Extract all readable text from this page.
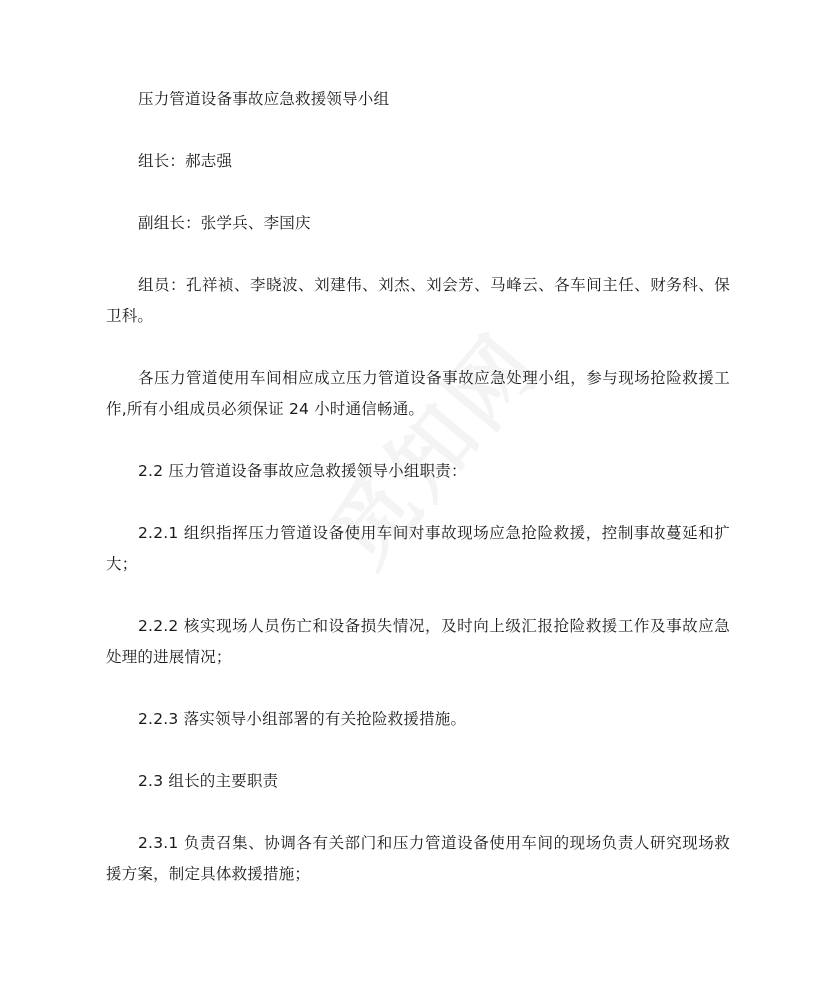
压力管道设备事故应急救援领导小组

组长：郝志强

副组长：张学兵、李国庆

组员：孔祥祯、李晓波、刘建伟、刘杰、刘会芳、马峰云、各车间主任、财务科、保卫科。

各压力管道使用车间相应成立压力管道设备事故应急处理小组，参与现场抢险救援工作,所有小组成员必须保证 24 小时通信畅通。

2.2 压力管道设备事故应急救援领导小组职责：

2.2.1 组织指挥压力管道设备使用车间对事故现场应急抢险救援，控制事故蔓延和扩大；

2.2.2 核实现场人员伤亡和设备损失情况，及时向上级汇报抢险救援工作及事故应急处理的进展情况；

2.2.3 落实领导小组部署的有关抢险救援措施。

2.3 组长的主要职责

2.3.1 负责召集、协调各有关部门和压力管道设备使用车间的现场负责人研究现场救援方案，制定具体救援措施；
